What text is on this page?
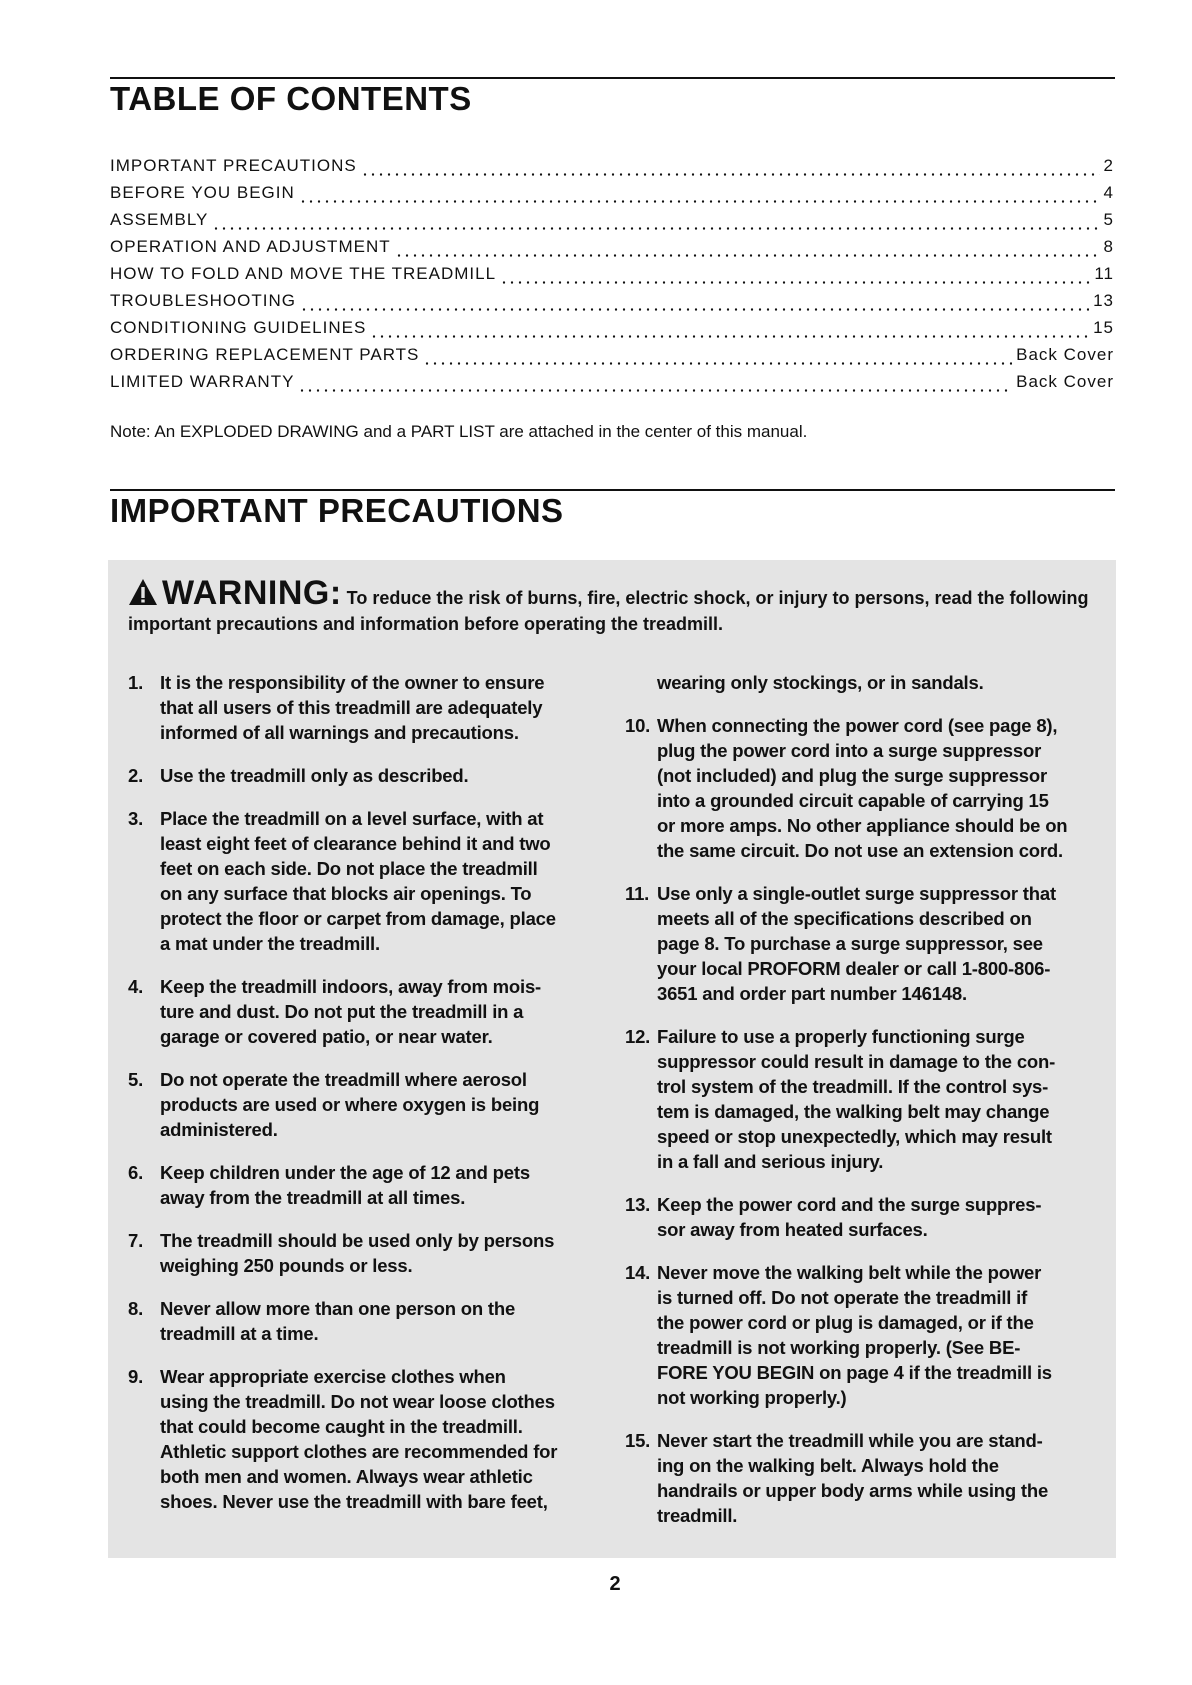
TABLE OF CONTENTS
IMPORTANT PRECAUTIONS	2
BEFORE YOU BEGIN	4
ASSEMBLY	5
OPERATION AND ADJUSTMENT	8
HOW TO FOLD AND MOVE THE TREADMILL	11
TROUBLESHOOTING	13
CONDITIONING GUIDELINES	15
ORDERING REPLACEMENT PARTS	Back Cover
LIMITED WARRANTY	Back Cover
Note: An EXPLODED DRAWING and a PART LIST are attached in the center of this manual.
IMPORTANT PRECAUTIONS
WARNING: To reduce the risk of burns, fire, electric shock, or injury to persons, read the following important precautions and information before operating the treadmill.
1. It is the responsibility of the owner to ensure
that all users of this treadmill are adequately
informed of all warnings and precautions.
2. Use the treadmill only as described.
3. Place the treadmill on a level surface, with at
least eight feet of clearance behind it and two
feet on each side. Do not place the treadmill
on any surface that blocks air openings. To
protect the floor or carpet from damage, place
a mat under the treadmill.
4. Keep the treadmill indoors, away from mois-
ture and dust. Do not put the treadmill in a
garage or covered patio, or near water.
5. Do not operate the treadmill where aerosol
products are used or where oxygen is being
administered.
6. Keep children under the age of 12 and pets
away from the treadmill at all times.
7. The treadmill should be used only by persons
weighing 250 pounds or less.
8. Never allow more than one person on the
treadmill at a time.
9. Wear appropriate exercise clothes when
using the treadmill. Do not wear loose clothes
that could become caught in the treadmill.
Athletic support clothes are recommended for
both men and women. Always wear athletic
shoes. Never use the treadmill with bare feet,
wearing only stockings, or in sandals.
10. When connecting the power cord (see page 8),
plug the power cord into a surge suppressor
(not included) and plug the surge suppressor
into a grounded circuit capable of carrying 15
or more amps. No other appliance should be on
the same circuit. Do not use an extension cord.
11. Use only a single-outlet surge suppressor that
meets all of the specifications described on
page 8. To purchase a surge suppressor, see
your local PROFORM dealer or call 1-800-806-
3651 and order part number 146148.
12. Failure to use a properly functioning surge
suppressor could result in damage to the con-
trol system of the treadmill. If the control sys-
tem is damaged, the walking belt may change
speed or stop unexpectedly, which may result
in a fall and serious injury.
13. Keep the power cord and the surge suppres-
sor away from heated surfaces.
14. Never move the walking belt while the power
is turned off. Do not operate the treadmill if
the power cord or plug is damaged, or if the
treadmill is not working properly. (See BE-
FORE YOU BEGIN on page 4 if the treadmill is
not working properly.)
15. Never start the treadmill while you are stand-
ing on the walking belt. Always hold the
handrails or upper body arms while using the
treadmill.
2
